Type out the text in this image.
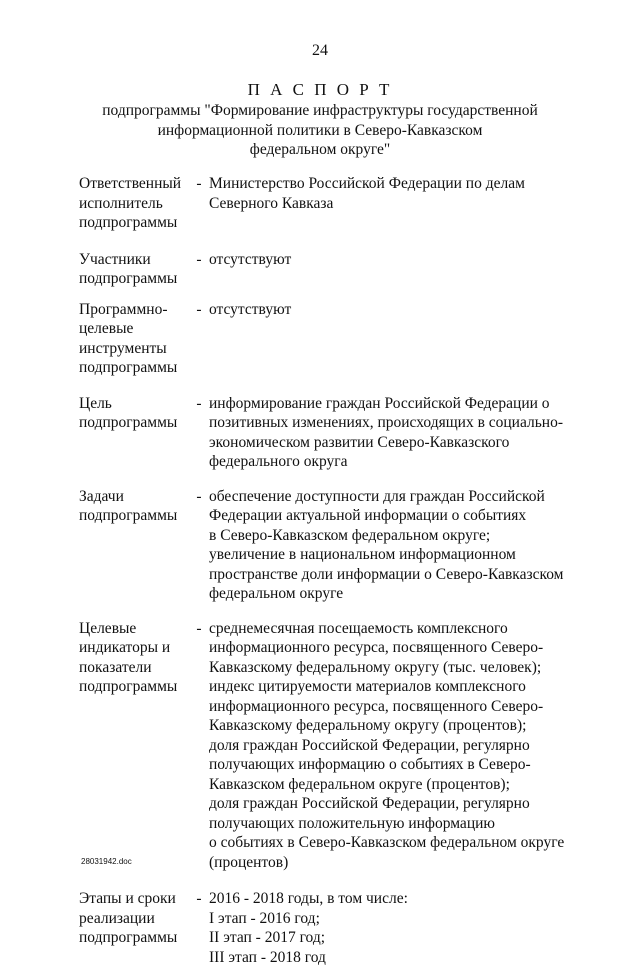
24
П А С П О Р Т
подпрограммы "Формирование инфраструктуры государственной
информационной политики в Северо-Кавказском
федеральном округе"
Ответственный
исполнитель
подпрограммы
- Министерство Российской Федерации по делам
Северного Кавказа
Участники
подпрограммы
- отсутствуют
Программно-
целевые
инструменты
подпрограммы
- отсутствуют
Цель
подпрограммы
- информирование граждан Российской Федерации о
позитивных изменениях, происходящих в социально-
экономическом развитии Северо-Кавказского
федерального округа
Задачи
подпрограммы
- обеспечение доступности для граждан Российской
Федерации актуальной информации о событиях
в Северо-Кавказском федеральном округе;
увеличение в национальном информационном
пространстве доли информации о Северо-Кавказском
федеральном округе
Целевые
индикаторы и
показатели
подпрограммы
- среднемесячная посещаемость комплексного
информационного ресурса, посвященного Северо-
Кавказскому федеральному округу (тыс. человек);
индекс цитируемости материалов комплексного
информационного ресурса, посвященного Северо-
Кавказскому федеральному округу (процентов);
доля граждан Российской Федерации, регулярно
получающих информацию о событиях в Северо-
Кавказском федеральном округе (процентов);
доля граждан Российской Федерации, регулярно
получающих положительную информацию
о событиях в Северо-Кавказском федеральном округе
(процентов)
Этапы и сроки
реализации
подпрограммы
- 2016 - 2018 годы, в том числе:
I этап - 2016 год;
II этап - 2017 год;
III этап - 2018 год
28031942.doc
